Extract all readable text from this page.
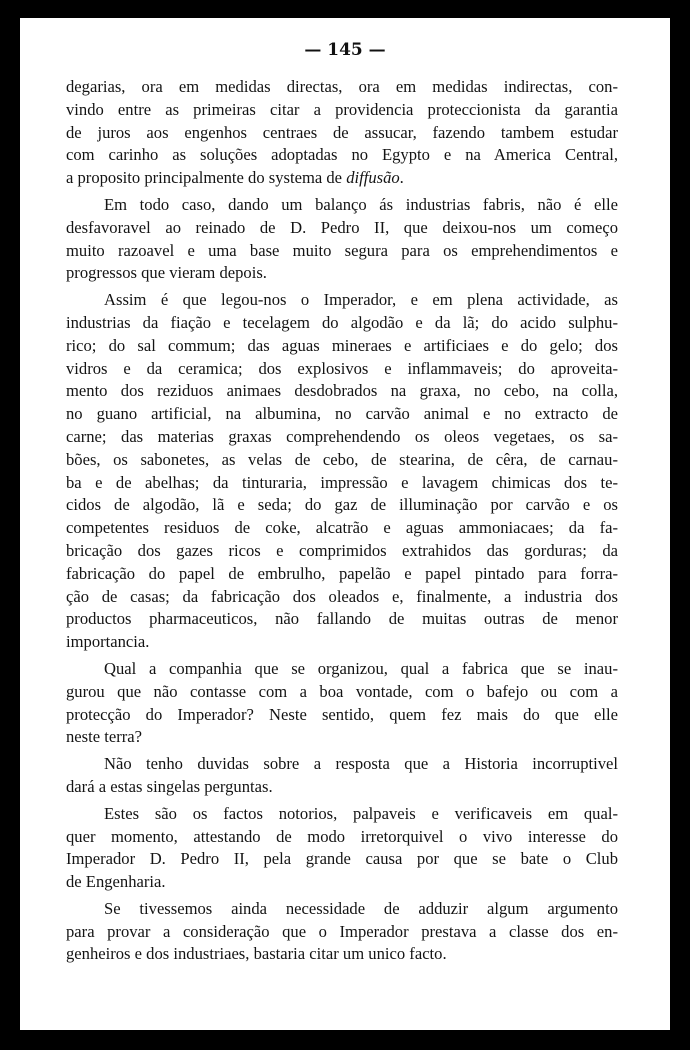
— 145 —
degarias, ora em medidas directas, ora em medidas indirectas, con-
vindo entre as primeiras citar a providencia proteccionista da garantia
de juros aos engenhos centraes de assucar, fazendo tambem estudar
com carinho as soluções adoptadas no Egypto e na America Central,
a proposito principalmente do systema de diffusão.
Em todo caso, dando um balanço ás industrias fabris, não é elle
desfavoravel ao reinado de D. Pedro II, que deixou-nos um começo
muito razoavel e uma base muito segura para os emprehendimentos e
progressos que vieram depois.
Assim é que legou-nos o Imperador, e em plena actividade, as
industrias da fiação e tecelagem do algodão e da lã; do acido sulphu-
rico; do sal commum; das aguas mineraes e artificiaes e do gelo; dos
vidros e da ceramica; dos explosivos e inflammaveis; do aproveita-
mento dos reziduos animaes desdobrados na graxa, no cebo, na colla,
no guano artificial, na albumina, no carvão animal e no extracto de
carne; das materias graxas comprehendendo os oleos vegetaes, os sa-
bões, os sabonetes, as velas de cebo, de stearina, de cêra, de carnau-
ba e de abelhas; da tinturaria, impressão e lavagem chimicas dos te-
cidos de algodão, lã e seda; do gaz de illuminação por carvão e os
competentes residuos de coke, alcatrão e aguas ammoniacaes; da fa-
bricação dos gazes ricos e comprimidos extrahidos das gorduras; da
fabricação do papel de embrulho, papelão e papel pintado para forra-
ção de casas; da fabricação dos oleados e, finalmente, a industria dos
productos pharmaceuticos, não fallando de muitas outras de menor
importancia.
Qual a companhia que se organizou, qual a fabrica que se inau-
gurou que não contasse com a boa vontade, com o bafejo ou com a
protecção do Imperador? Neste sentido, quem fez mais do que elle
neste terra?
Não tenho duvidas sobre a resposta que a Historia incorruptivel
dará a estas singelas perguntas.
Estes são os factos notorios, palpaveis e verificaveis em qual-
quer momento, attestando de modo irretorquivel o vivo interesse do
Imperador D. Pedro II, pela grande causa por que se bate o Club
de Engenharia.
Se tivessemos ainda necessidade de adduzir algum argumento
para provar a consideração que o Imperador prestava a classe dos en-
genheiros e dos industriaes, bastaria citar um unico facto.
